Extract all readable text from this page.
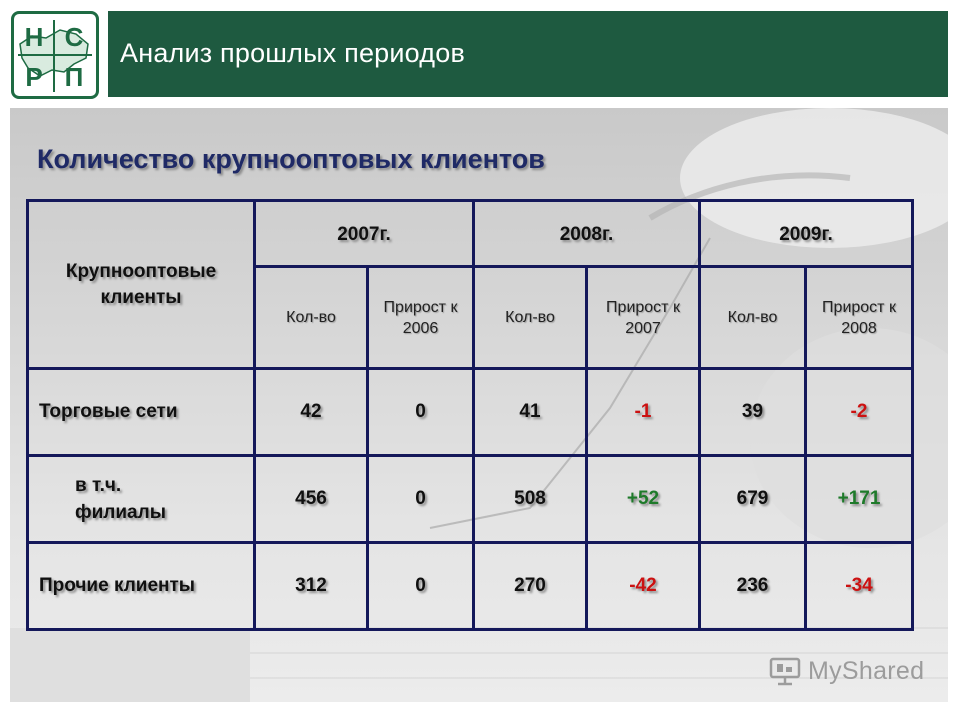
Н С
Р П
Анализ прошлых периодов
Количество крупнооптовых клиентов
Крупнооптовые клиенты	2007г.		2008г.		2009г.	
	Кол-во	Прирост к 2006	Кол-во	Прирост к 2007	Кол-во	Прирост к 2008
Торговые сети	42	0	41	-1	39	-2
в т.ч. филиалы	456	0	508	+52	679	+171
Прочие клиенты	312	0	270	-42	236	-34
MyShared
